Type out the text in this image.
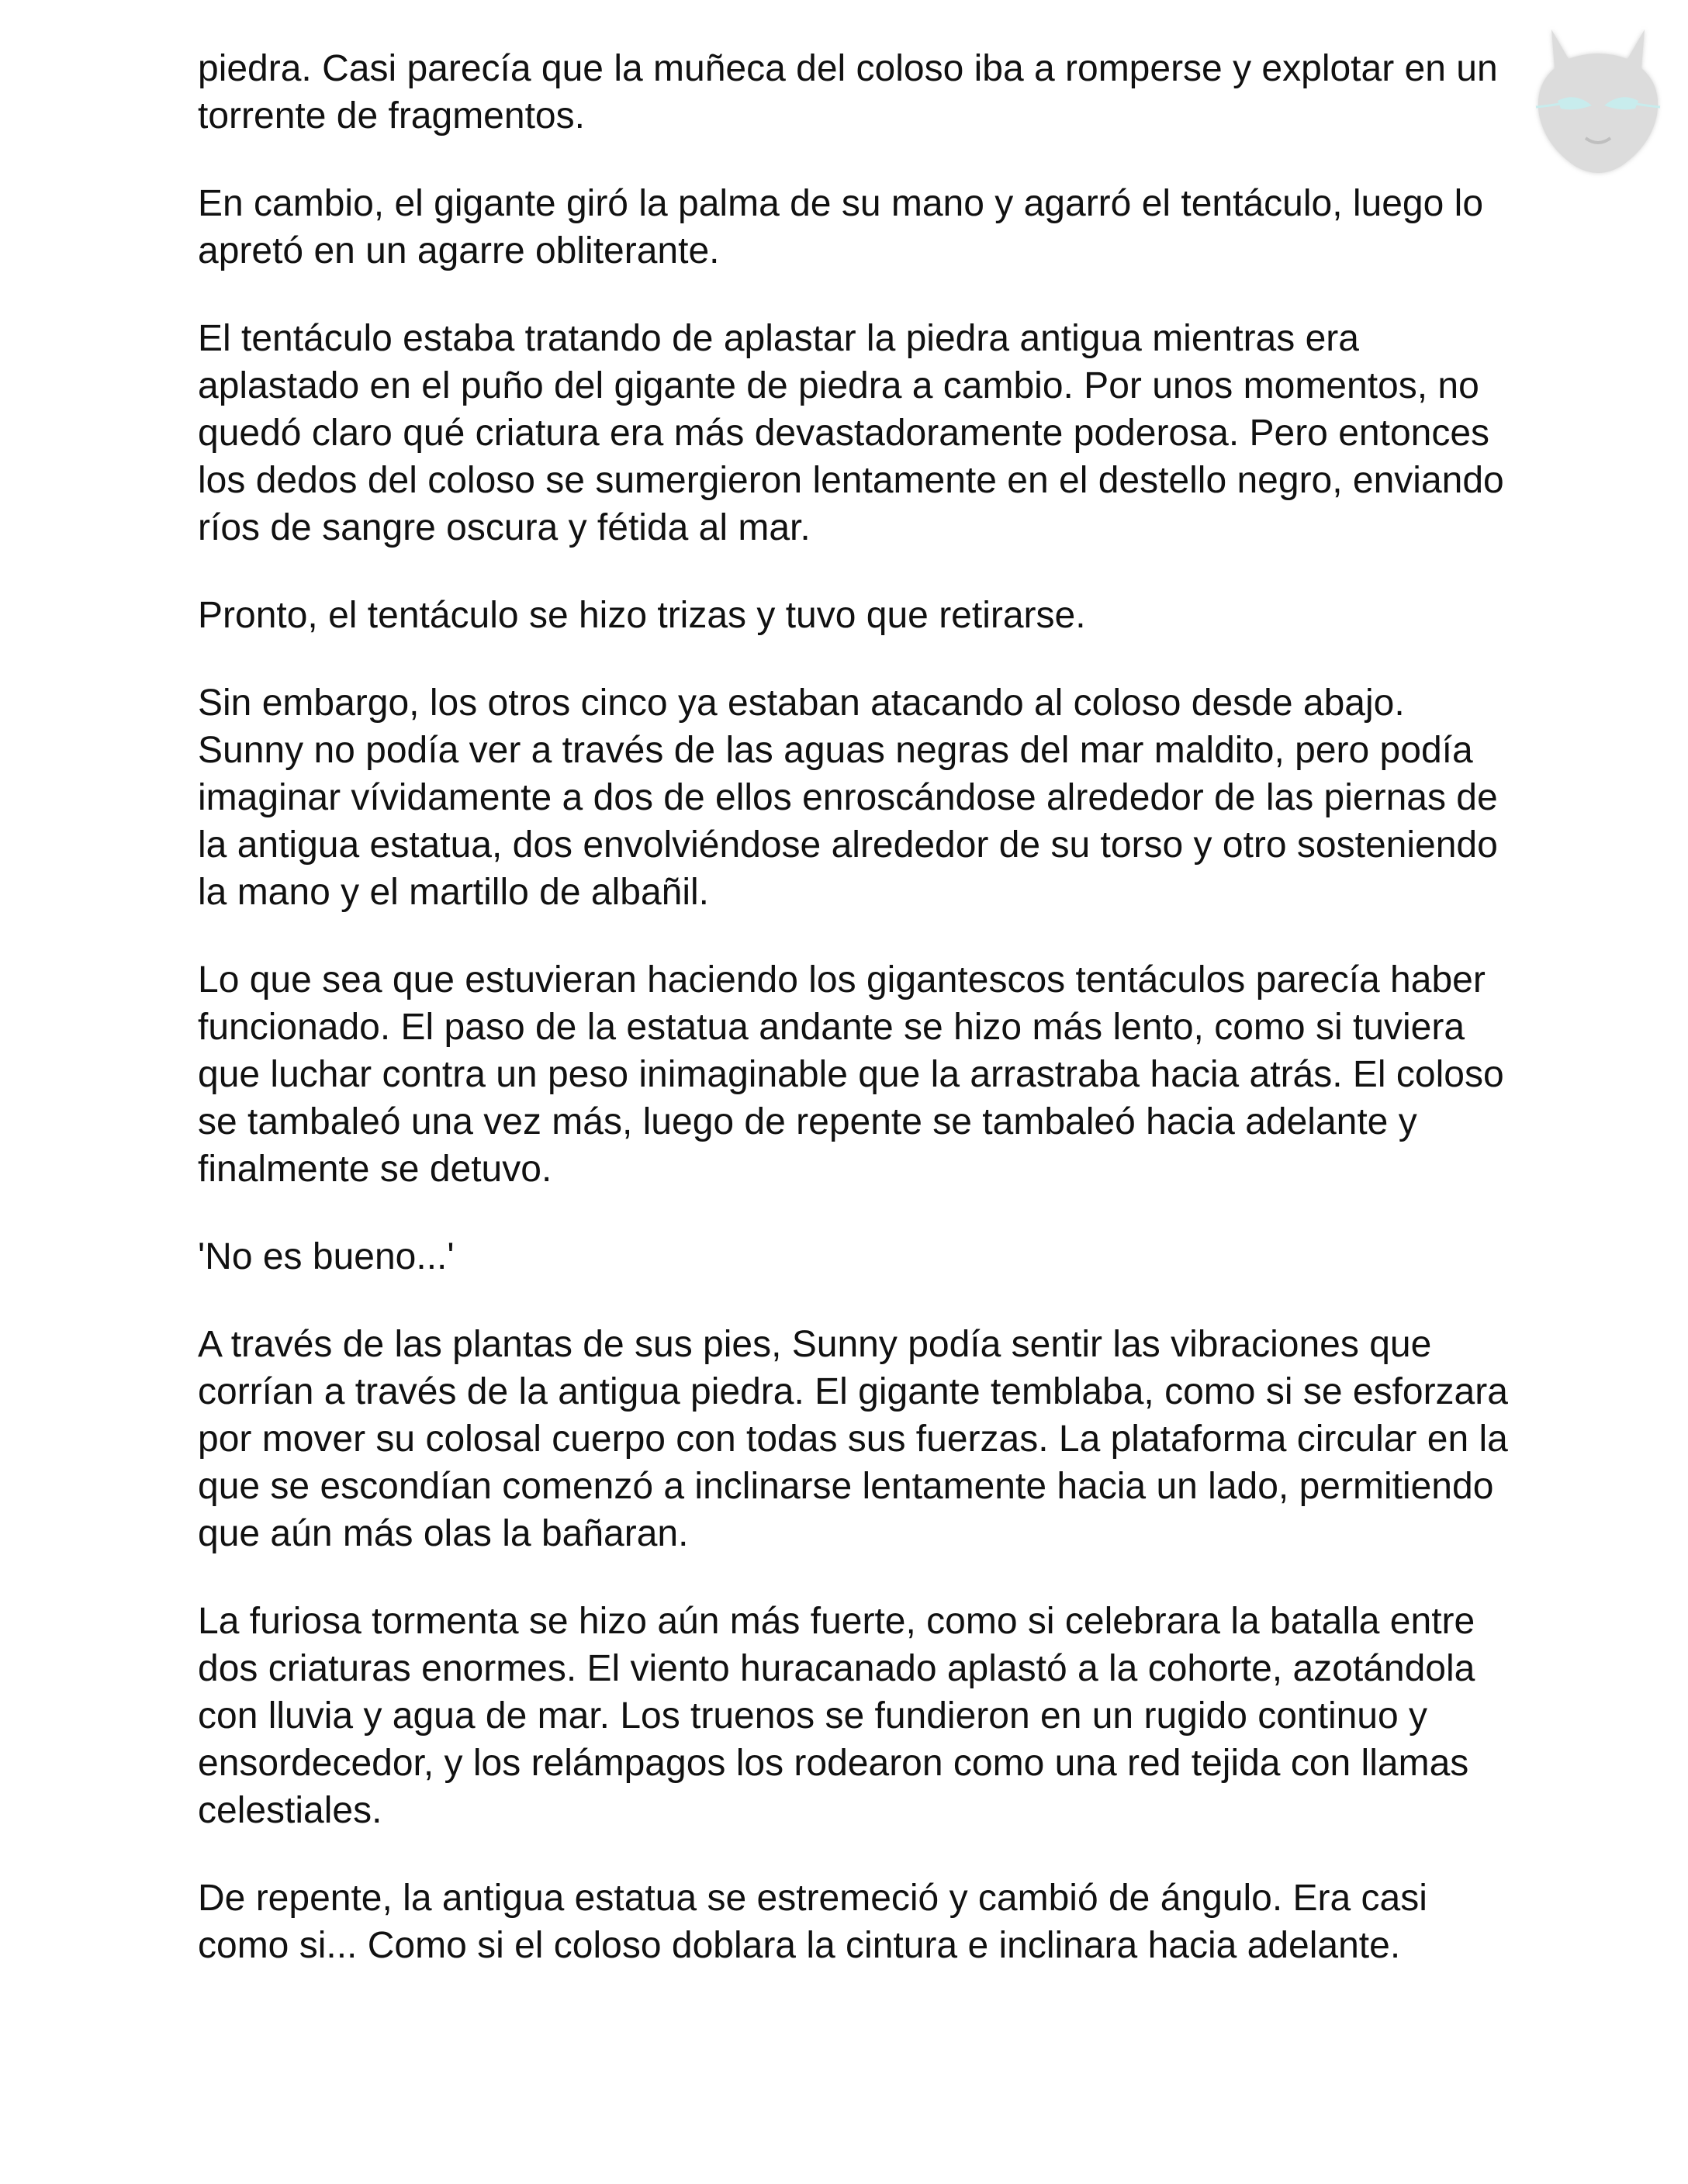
piedra. Casi parecía que la muñeca del coloso iba a romperse y explotar en un torrente de fragmentos.

En cambio, el gigante giró la palma de su mano y agarró el tentáculo, luego lo apretó en un agarre obliterante.

El tentáculo estaba tratando de aplastar la piedra antigua mientras era aplastado en el puño del gigante de piedra a cambio. Por unos momentos, no quedó claro qué criatura era más devastadoramente poderosa. Pero entonces los dedos del coloso se sumergieron lentamente en el destello negro, enviando ríos de sangre oscura y fétida al mar.

Pronto, el tentáculo se hizo trizas y tuvo que retirarse.

Sin embargo, los otros cinco ya estaban atacando al coloso desde abajo. Sunny no podía ver a través de las aguas negras del mar maldito, pero podía imaginar vívidamente a dos de ellos enroscándose alrededor de las piernas de la antigua estatua, dos envolviéndose alrededor de su torso y otro sosteniendo la mano y el martillo de albañil.

Lo que sea que estuvieran haciendo los gigantescos tentáculos parecía haber funcionado. El paso de la estatua andante se hizo más lento, como si tuviera que luchar contra un peso inimaginable que la arrastraba hacia atrás. El coloso se tambaleó una vez más, luego de repente se tambaleó hacia adelante y finalmente se detuvo.

'No es bueno...'

A través de las plantas de sus pies, Sunny podía sentir las vibraciones que corrían a través de la antigua piedra. El gigante temblaba, como si se esforzara por mover su colosal cuerpo con todas sus fuerzas. La plataforma circular en la que se escondían comenzó a inclinarse lentamente hacia un lado, permitiendo que aún más olas la bañaran.

La furiosa tormenta se hizo aún más fuerte, como si celebrara la batalla entre dos criaturas enormes. El viento huracanado aplastó a la cohorte, azotándola con lluvia y agua de mar. Los truenos se fundieron en un rugido continuo y ensordecedor, y los relámpagos los rodearon como una red tejida con llamas celestiales.

De repente, la antigua estatua se estremeció y cambió de ángulo. Era casi como si... Como si el coloso doblara la cintura e inclinara hacia adelante.
